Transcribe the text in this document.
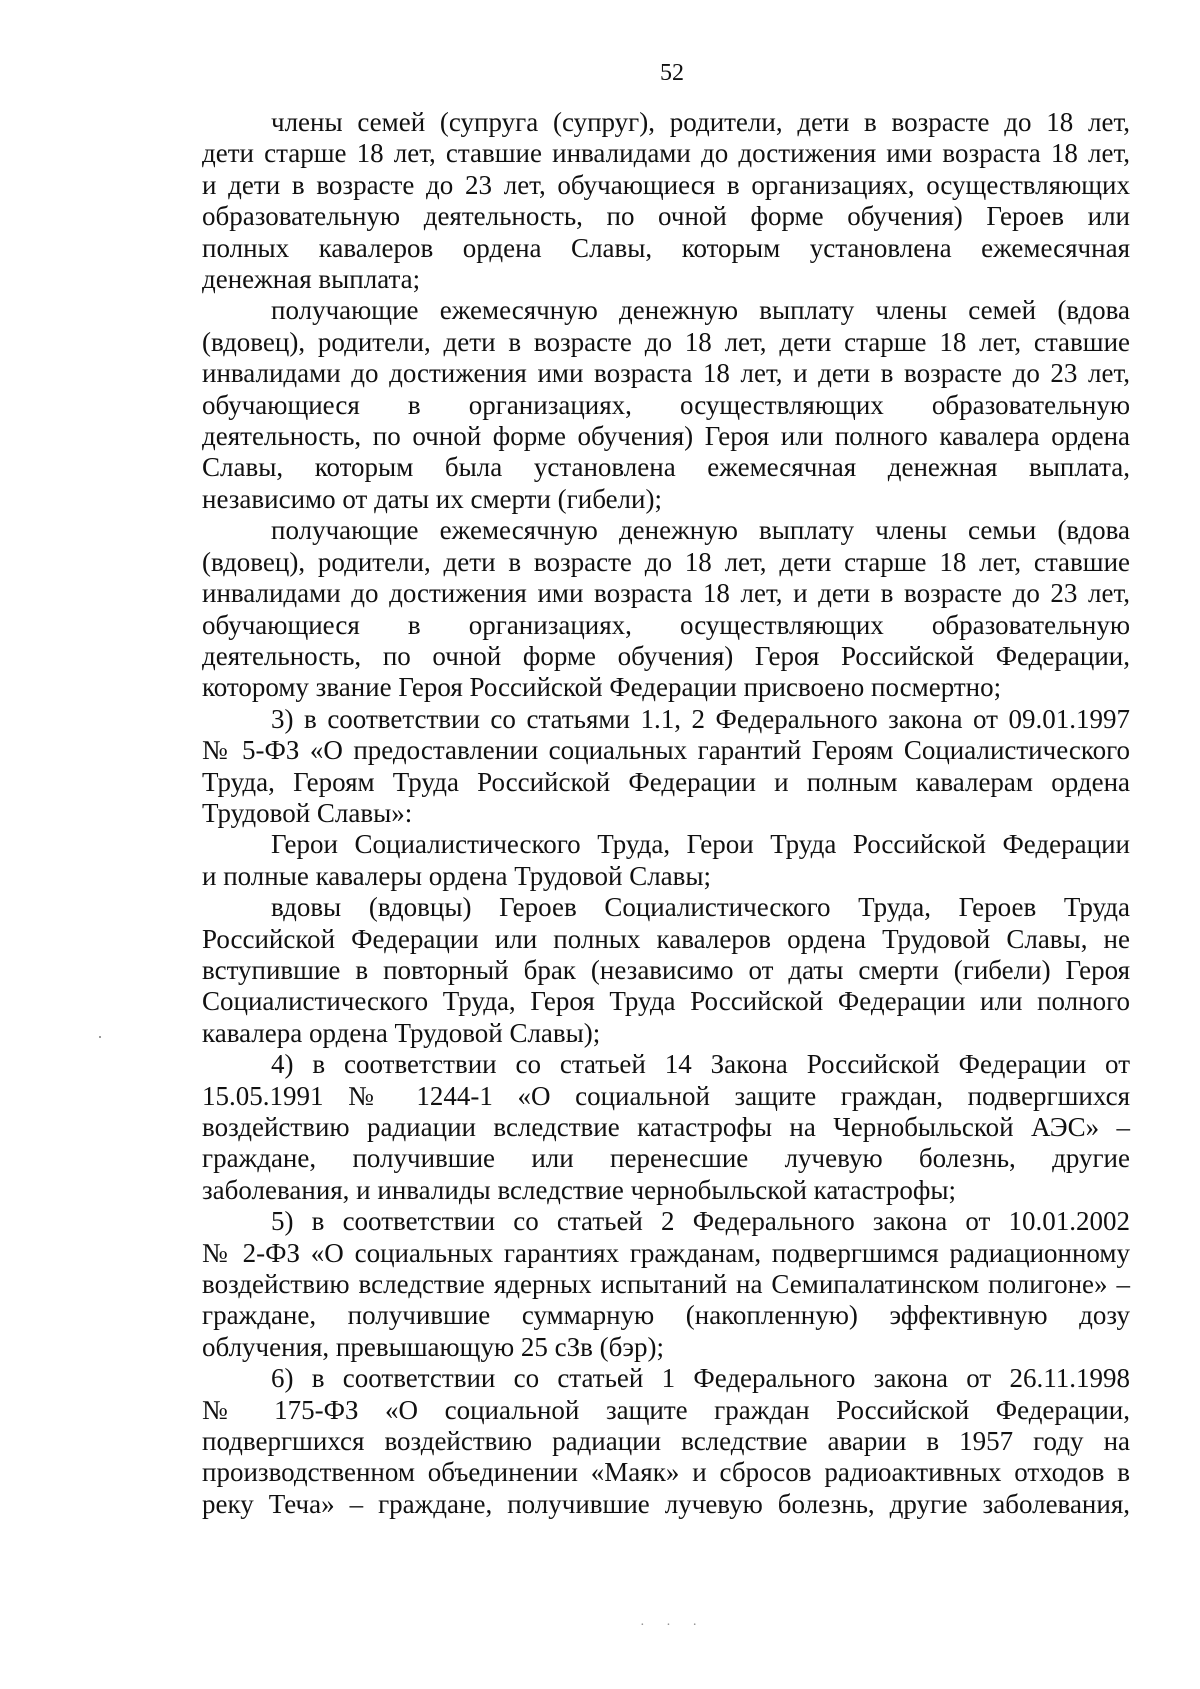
52
члены семей (супруга (супруг), родители, дети в возрасте до 18 лет,
дети старше 18 лет, ставшие инвалидами до достижения ими возраста 18 лет,
и дети в возрасте до 23 лет, обучающиеся в организациях, осуществляющих
образовательную деятельность, по очной форме обучения) Героев или
полных кавалеров ордена Славы, которым установлена ежемесячная
денежная выплата;
получающие ежемесячную денежную выплату члены семей (вдова
(вдовец), родители, дети в возрасте до 18 лет, дети старше 18 лет, ставшие
инвалидами до достижения ими возраста 18 лет, и дети в возрасте до 23 лет,
обучающиеся в организациях, осуществляющих образовательную
деятельность, по очной форме обучения) Героя или полного кавалера ордена
Славы, которым была установлена ежемесячная денежная выплата,
независимо от даты их смерти (гибели);
получающие ежемесячную денежную выплату члены семьи (вдова
(вдовец), родители, дети в возрасте до 18 лет, дети старше 18 лет, ставшие
инвалидами до достижения ими возраста 18 лет, и дети в возрасте до 23 лет,
обучающиеся в организациях, осуществляющих образовательную
деятельность, по очной форме обучения) Героя Российской Федерации,
которому звание Героя Российской Федерации присвоено посмертно;
3) в соответствии со статьями 1.1, 2 Федерального закона от 09.01.1997
№ 5-ФЗ «О предоставлении социальных гарантий Героям Социалистического
Труда, Героям Труда Российской Федерации и полным кавалерам ордена
Трудовой Славы»:
Герои Социалистического Труда, Герои Труда Российской Федерации
и полные кавалеры ордена Трудовой Славы;
вдовы (вдовцы) Героев Социалистического Труда, Героев Труда
Российской Федерации или полных кавалеров ордена Трудовой Славы, не
вступившие в повторный брак (независимо от даты смерти (гибели) Героя
Социалистического Труда, Героя Труда Российской Федерации или полного
кавалера ордена Трудовой Славы);
4) в соответствии со статьей 14 Закона Российской Федерации от
15.05.1991 № 1244-1 «О социальной защите граждан, подвергшихся
воздействию радиации вследствие катастрофы на Чернобыльской АЭС» –
граждане, получившие или перенесшие лучевую болезнь, другие
заболевания, и инвалиды вследствие чернобыльской катастрофы;
5) в соответствии со статьей 2 Федерального закона от 10.01.2002
№ 2-ФЗ «О социальных гарантиях гражданам, подвергшимся радиационному
воздействию вследствие ядерных испытаний на Семипалатинском полигоне» –
граждане, получившие суммарную (накопленную) эффективную дозу
облучения, превышающую 25 сЗв (бэр);
6) в соответствии со статьей 1 Федерального закона от 26.11.1998
№ 175-ФЗ «О социальной защите граждан Российской Федерации,
подвергшихся воздействию радиации вследствие аварии в 1957 году на
производственном объединении «Маяк» и сбросов радиоактивных отходов в
реку Теча» – граждане, получившие лучевую болезнь, другие заболевания,
· · ·
